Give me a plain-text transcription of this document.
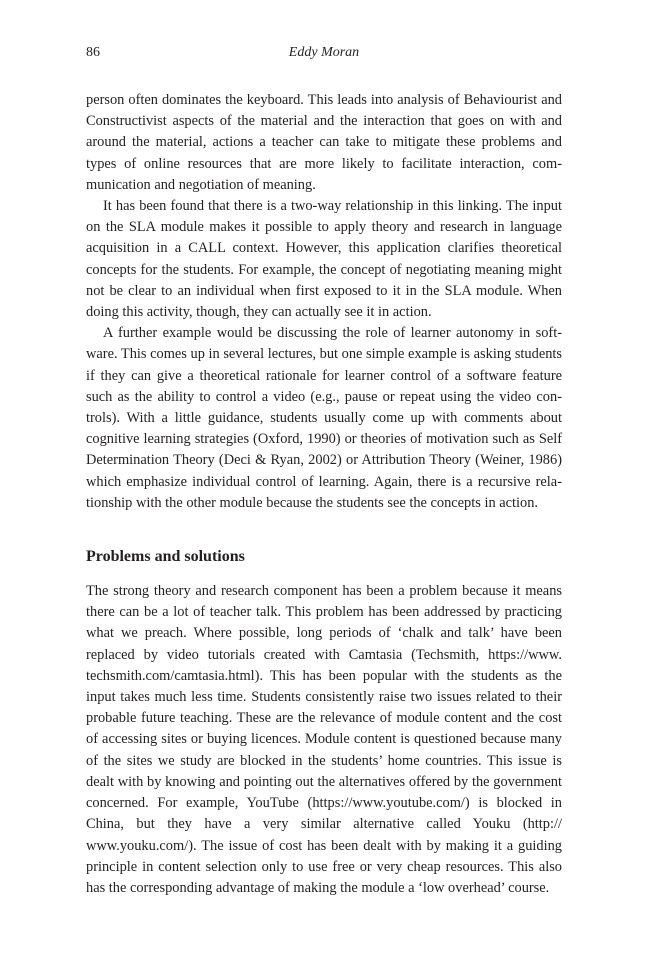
86	Eddy Moran

person often dominates the keyboard. This leads into analysis of Behaviourist and Constructivist aspects of the material and the interaction that goes on with and around the material, actions a teacher can take to mitigate these problems and types of online resources that are more likely to facilitate interaction, communication and negotiation of meaning.

It has been found that there is a two-way relationship in this linking. The input on the SLA module makes it possible to apply theory and research in language acquisition in a CALL context. However, this application clarifies theoretical concepts for the students. For example, the concept of negotiating meaning might not be clear to an individual when first exposed to it in the SLA module. When doing this activity, though, they can actually see it in action.

A further example would be discussing the role of learner autonomy in software. This comes up in several lectures, but one simple example is asking students if they can give a theoretical rationale for learner control of a software feature such as the ability to control a video (e.g., pause or repeat using the video controls). With a little guidance, students usually come up with comments about cognitive learning strategies (Oxford, 1990) or theories of motivation such as Self Determination Theory (Deci & Ryan, 2002) or Attribution Theory (Weiner, 1986) which emphasize individual control of learning. Again, there is a recursive relationship with the other module because the students see the concepts in action.

Problems and solutions

The strong theory and research component has been a problem because it means there can be a lot of teacher talk. This problem has been addressed by practicing what we preach. Where possible, long periods of ‘chalk and talk’ have been replaced by video tutorials created with Camtasia (Techsmith, https://www.​techsmith.com/camtasia.html). This has been popular with the students as the input takes much less time. Students consistently raise two issues related to their probable future teaching. These are the relevance of module content and the cost of accessing sites or buying licences. Module content is questioned because many of the sites we study are blocked in the students’ home countries. This issue is dealt with by knowing and pointing out the alternatives offered by the government concerned. For example, YouTube (https://www.youtube.com/) is blocked in China, but they have a very similar alternative called Youku (http://​www.youku.com/). The issue of cost has been dealt with by making it a guiding principle in content selection only to use free or very cheap resources. This also has the corresponding advantage of making the module a ‘low overhead’ course.
